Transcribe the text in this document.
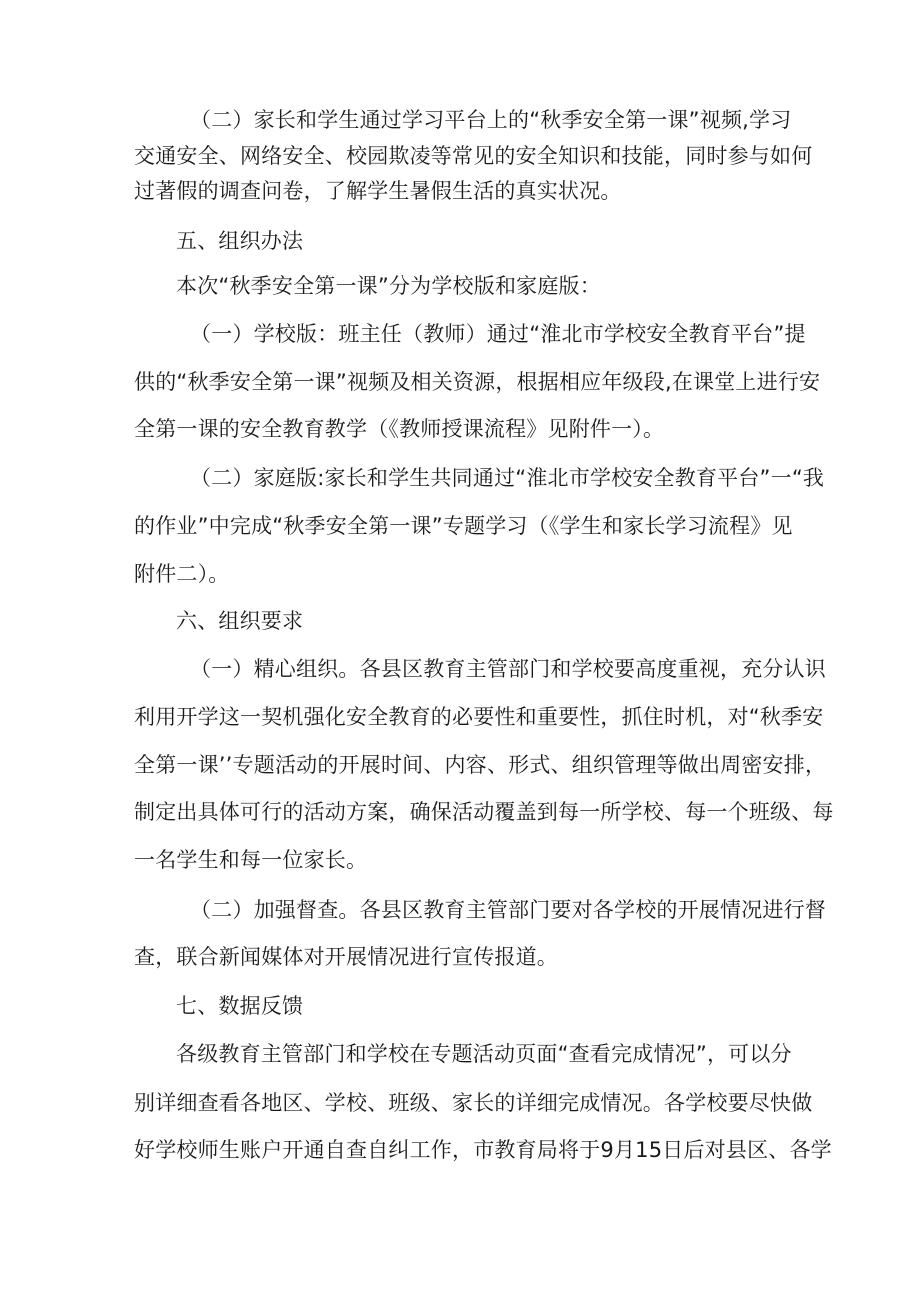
（二）家长和学生通过学习平台上的“秋季安全第一课”视频,学习
交通安全、网络安全、校园欺凌等常见的安全知识和技能，同时参与如何
过著假的调查问卷，了解学生暑假生活的真实状况。
五、组织办法
本次“秋季安全第一课”分为学校版和家庭版：
（一）学校版：班主任（教师）通过“淮北市学校安全教育平台”提
供的“秋季安全第一课”视频及相关资源，根据相应年级段,在课堂上进行安
全第一课的安全教育教学（《教师授课流程》见附件一）。
（二）家庭版:家长和学生共同通过“淮北市学校安全教育平台”一“我
的作业”中完成“秋季安全第一课”专题学习（《学生和家长学习流程》见
附件二）。
六、组织要求
（一）精心组织。各县区教育主管部门和学校要高度重视，充分认识
利用开学这一契机强化安全教育的必要性和重要性，抓住时机，对“秋季安
全第一课’’专题活动的开展时间、内容、形式、组织管理等做出周密安排，
制定出具体可行的活动方案，确保活动覆盖到每一所学校、每一个班级、每
一名学生和每一位家长。
（二）加强督查。各县区教育主管部门要对各学校的开展情况进行督
查，联合新闻媒体对开展情况进行宣传报道。
七、数据反馈
各级教育主管部门和学校在专题活动页面“查看完成情况”，可以分
别详细查看各地区、学校、班级、家长的详细完成情况。各学校要尽快做
好学校师生账户开通自查自纠工作，市教育局将于9月15日后对县区、各学
